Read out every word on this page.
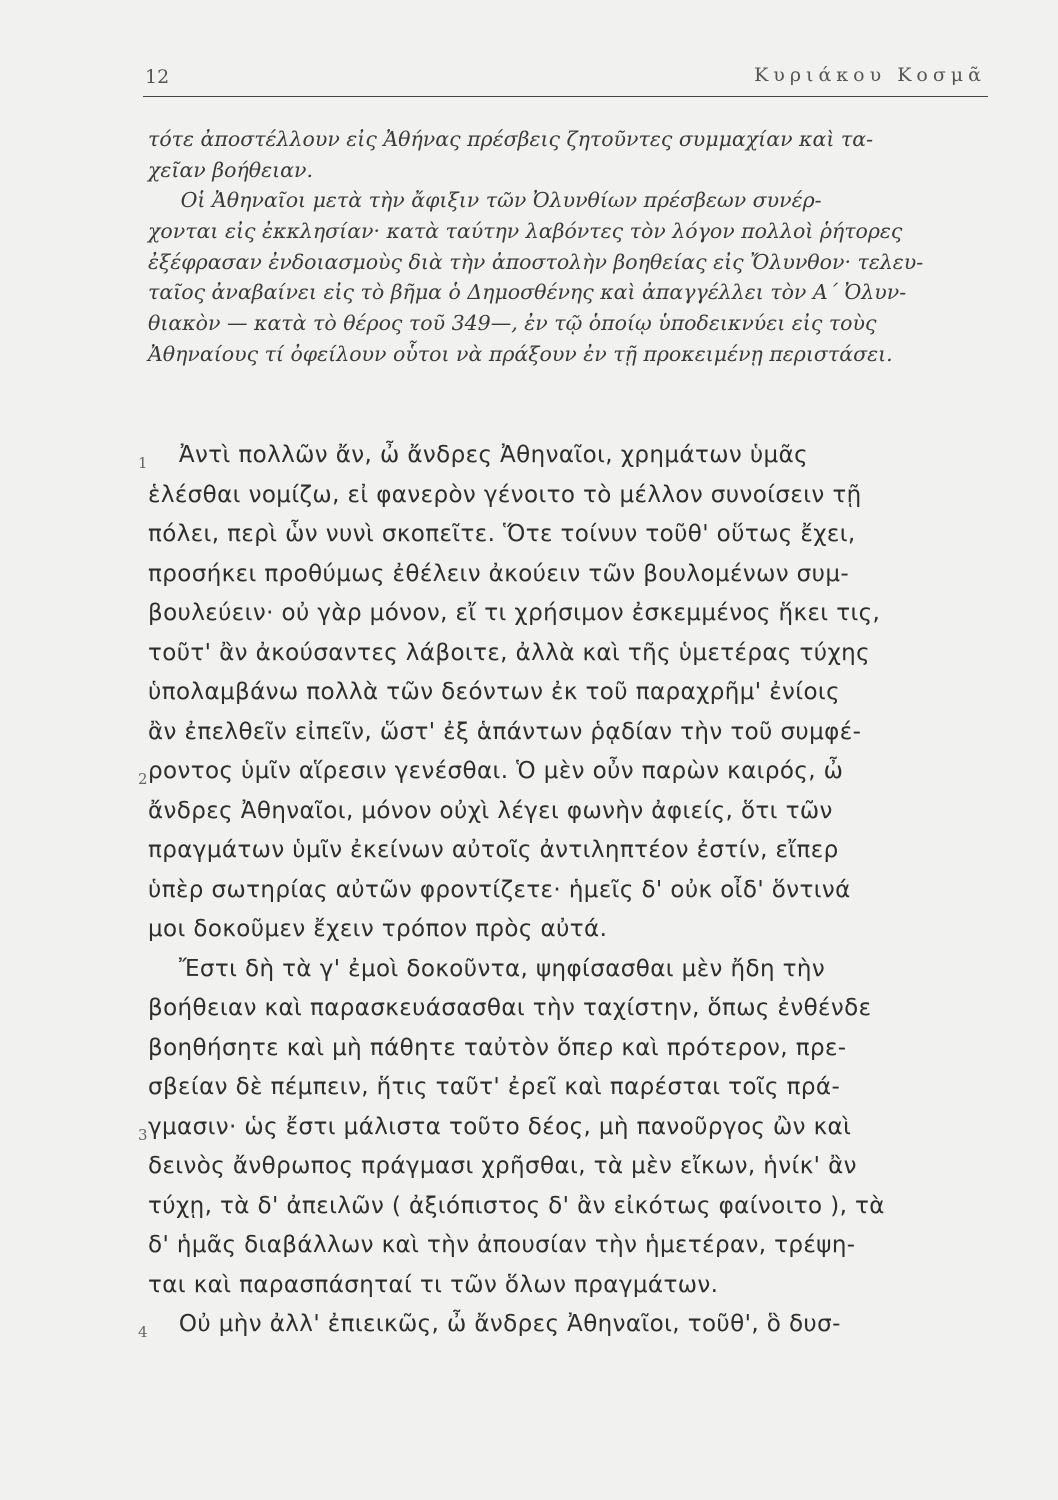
12	Κυριάκου Κοσμᾶ
τότε ἀποστέλλουν εἰς Ἀθήνας πρέσβεις ζητοῦντες συμμαχίαν καὶ τα-
χεῖαν βοήθειαν.
Οἱ Ἀθηναῖοι μετὰ τὴν ἄφιξιν τῶν Ὀλυνθίων πρέσβεων συνέρ-
χονται εἰς ἐκκλησίαν· κατὰ ταύτην λαβόντες τὸν λόγον πολλοὶ ῥήτορες
ἐξέφρασαν ἐνδοιασμοὺς διὰ τὴν ἀποστολὴν βοηθείας εἰς Ὄλυνθον· τελευ-
ταῖος ἀναβαίνει εἰς τὸ βῆμα ὁ Δημοσθένης καὶ ἀπαγγέλλει τὸν Α΄ Ὀλυν-
θιακὸν — κατὰ τὸ θέρος τοῦ 349—, ἐν τῷ ὁποίῳ ὑποδεικνύει εἰς τοὺς
Ἀθηναίους τί ὀφείλουν οὗτοι νὰ πράξουν ἐν τῇ προκειμένῃ περιστάσει.
Ἀντὶ πολλῶν ἄν, ὦ ἄνδρες Ἀθηναῖοι, χρημάτων ὑμᾶς
ἑλέσθαι νομίζω, εἰ φανερὸν γένοιτο τὸ μέλλον συνοίσειν τῇ
πόλει, περὶ ὧν νυνὶ σκοπεῖτε. Ὅτε τοίνυν τοῦθ' οὕτως ἔχει,
προσήκει προθύμως ἐθέλειν ἀκούειν τῶν βουλομένων συμ-
βουλεύειν· οὐ γὰρ μόνον, εἴ τι χρήσιμον ἐσκεμμένος ἥκει τις,
τοῦτ' ἂν ἀκούσαντες λάβοιτε, ἀλλὰ καὶ τῆς ὑμετέρας τύχης
ὑπολαμβάνω πολλὰ τῶν δεόντων ἐκ τοῦ παραχρῆμ' ἐνίοις
ἂν ἐπελθεῖν εἰπεῖν, ὥστ' ἐξ ἁπάντων ῥᾳδίαν τὴν τοῦ συμφέ-
ροντος ὑμῖν αἵρεσιν γενέσθαι. Ὁ μὲν οὖν παρὼν καιρός, ὦ
ἄνδρες Ἀθηναῖοι, μόνον οὐχὶ λέγει φωνὴν ἀφιείς, ὅτι τῶν
πραγμάτων ὑμῖν ἐκείνων αὐτοῖς ἀντιληπτέον ἐστίν, εἴπερ
ὑπὲρ σωτηρίας αὐτῶν φροντίζετε· ἡμεῖς δ' οὐκ οἶδ' ὅντινά
μοι δοκοῦμεν ἔχειν τρόπον πρὸς αὐτά.
Ἔστι δὴ τὰ γ' ἐμοὶ δοκοῦντα, ψηφίσασθαι μὲν ἤδη τὴν
βοήθειαν καὶ παρασκευάσασθαι τὴν ταχίστην, ὅπως ἐνθένδε
βοηθήσητε καὶ μὴ πάθητε ταὐτὸν ὅπερ καὶ πρότερον, πρε-
σβείαν δὲ πέμπειν, ἥτις ταῦτ' ἐρεῖ καὶ παρέσται τοῖς πρά-
γμασιν· ὡς ἔστι μάλιστα τοῦτο δέος, μὴ πανοῦργος ὢν καὶ
δεινὸς ἄνθρωπος πράγμασι χρῆσθαι, τὰ μὲν εἴκων, ἡνίκ' ἂν
τύχῃ, τὰ δ' ἀπειλῶν ( ἀξιόπιστος δ' ἂν εἰκότως φαίνοιτο ), τὰ
δ' ἡμᾶς διαβάλλων καὶ τὴν ἀπουσίαν τὴν ἡμετέραν, τρέψη-
ται καὶ παρασπάσηταί τι τῶν ὅλων πραγμάτων.
Οὐ μὴν ἀλλ' ἐπιεικῶς, ὦ ἄνδρες Ἀθηναῖοι, τοῦθ', ὃ δυσ-
1
2
3
4
